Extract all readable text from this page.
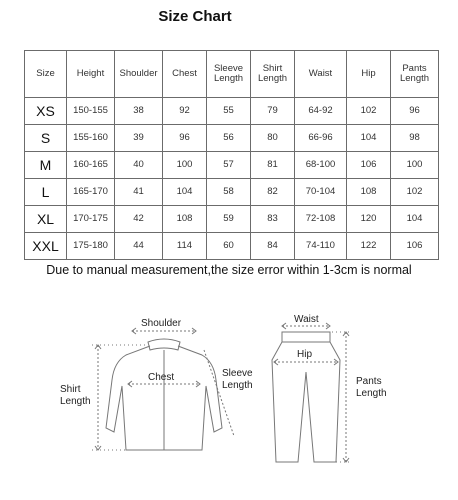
Size Chart
Size	Height	Shoulder	Chest	Sleeve Length	Shirt Length	Waist	Hip	Pants Length
XS	150-155	38	92	55	79	64-92	102	96
S	155-160	39	96	56	80	66-96	104	98
M	160-165	40	100	57	81	68-100	106	100
L	165-170	41	104	58	82	70-104	108	102
XL	170-175	42	108	59	83	72-108	120	104
XXL	175-180	44	114	60	84	74-110	122	106
Due to manual measurement,the size error within 1-3cm is normal
Shoulder
Chest	Sleeve Length
Shirt Length
Waist
Hip
Pants Length
